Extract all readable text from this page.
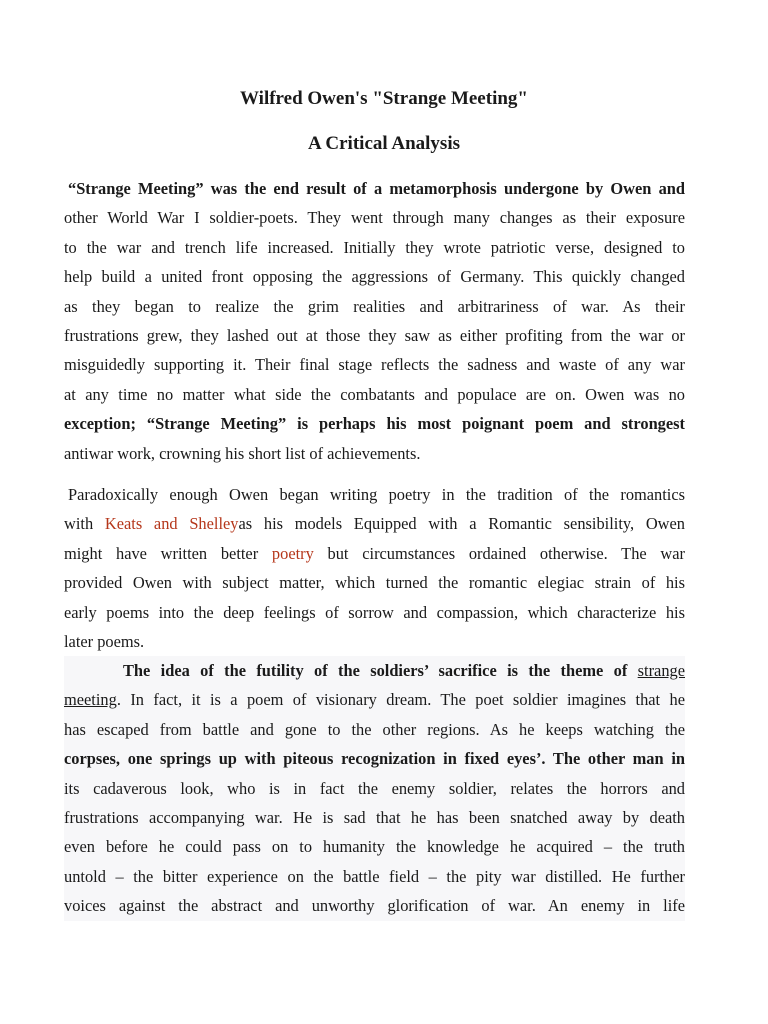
Wilfred Owen's "Strange Meeting"
A Critical Analysis
“Strange Meeting” was the end result of a metamorphosis undergone by Owen and
other World War I soldier-poets. They went through many changes as their exposure
to the war and trench life increased. Initially they wrote patriotic verse, designed to
help build a united front opposing the aggressions of Germany. This quickly changed
as they began to realize the grim realities and arbitrariness of war. As their
frustrations grew, they lashed out at those they saw as either profiting from the war or
misguidedly supporting it. Their final stage reflects the sadness and waste of any war
at any time no matter what side the combatants and populace are on. Owen was no
exception; “Strange Meeting” is perhaps his most poignant poem and strongest
antiwar work, crowning his short list of achievements.
Paradoxically enough Owen began writing poetry in the tradition of the romantics
with Keats and Shelleyas his models Equipped with a Romantic sensibility, Owen
might have written better poetry but circumstances ordained otherwise. The war
provided Owen with subject matter, which turned the romantic elegiac strain of his
early poems into the deep feelings of sorrow and compassion, which characterize his
later poems.
The idea of the futility of the soldiers’ sacrifice is the theme of strange
meeting. In fact, it is a poem of visionary dream. The poet soldier imagines that he
has escaped from battle and gone to the other regions. As he keeps watching the
corpses, one springs up with piteous recognization in fixed eyes’. The other man in
its cadaverous look, who is in fact the enemy soldier, relates the horrors and
frustrations accompanying war. He is sad that he has been snatched away by death
even before he could pass on to humanity the knowledge he acquired – the truth
untold – the bitter experience on the battle field – the pity war distilled. He further
voices against the abstract and unworthy glorification of war. An enemy in life
